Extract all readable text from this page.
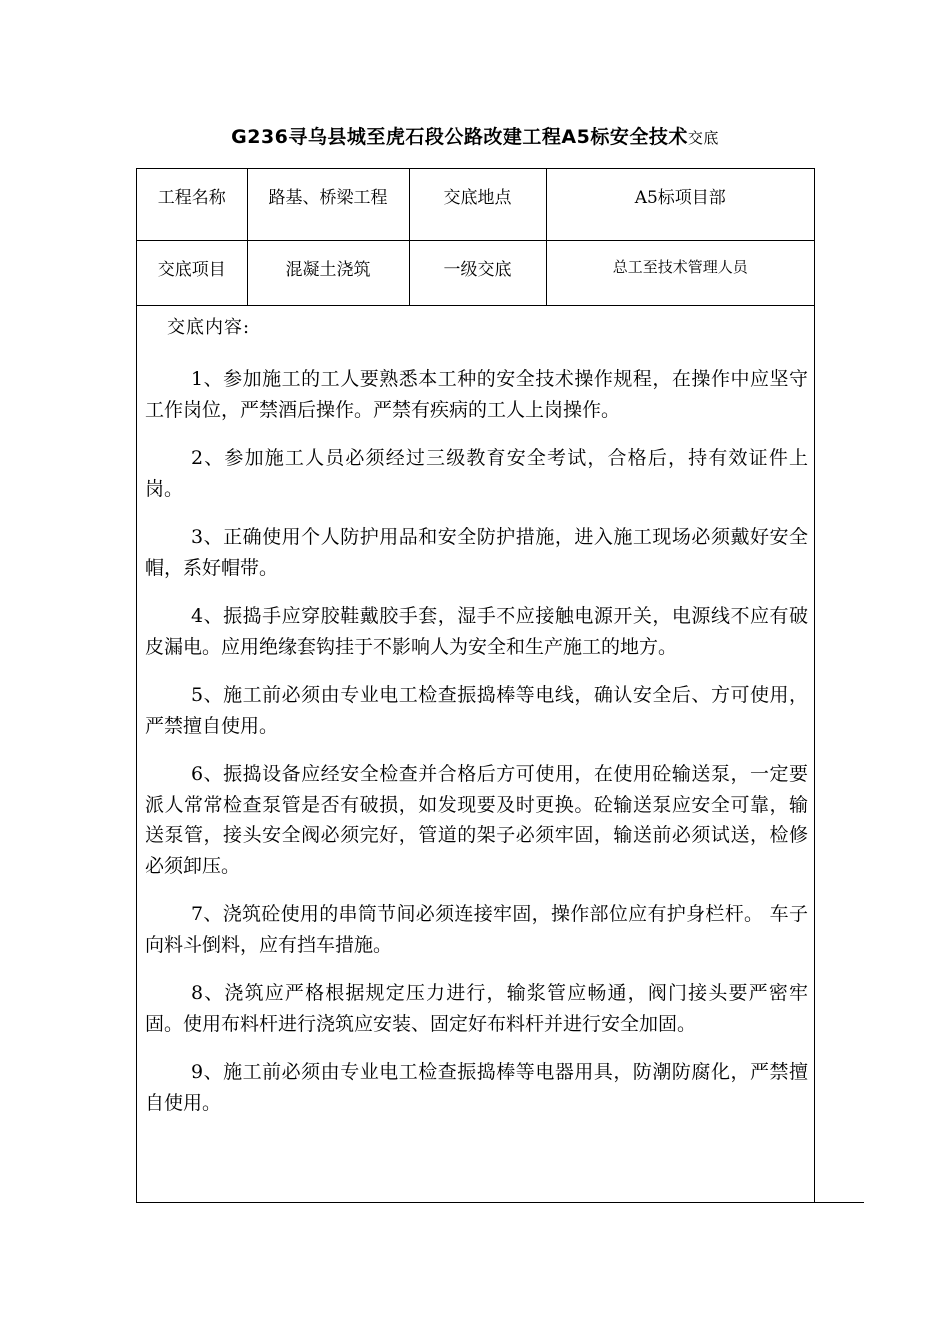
G236寻乌县城至虎石段公路改建工程A5标安全技术交底
工程名称	路基、桥梁工程	交底地点	A5标项目部
交底项目	混凝土浇筑	一级交底	总工至技术管理人员
交底内容:

1、参加施工的工人要熟悉本工种的安全技术操作规程，在操作中应坚守工作岗位，严禁酒后操作。严禁有疾病的工人上岗操作。

2、参加施工人员必须经过三级教育安全考试，合格后，持有效证件上岗。

3、正确使用个人防护用品和安全防护措施，进入施工现场必须戴好安全帽，系好帽带。

4、振捣手应穿胶鞋戴胶手套，湿手不应接触电源开关，电源线不应有破皮漏电。应用绝缘套钩挂于不影响人为安全和生产施工的地方。

5、施工前必须由专业电工检查振捣棒等电线，确认安全后、方可使用，严禁擅自使用。

6、振捣设备应经安全检查并合格后方可使用，在使用砼输送泵，一定要派人常常检查泵管是否有破损，如发现要及时更换。砼输送泵应安全可靠，输送泵管，接头安全阀必须完好，管道的架子必须牢固，输送前必须试送，检修必须卸压。

7、浇筑砼使用的串筒节间必须连接牢固，操作部位应有护身栏杆。 车子向料斗倒料，应有挡车措施。

8、浇筑应严格根据规定压力进行，输浆管应畅通，阀门接头要严密牢固。使用布料杆进行浇筑应安装、固定好布料杆并进行安全加固。

9、施工前必须由专业电工检查振捣棒等电器用具，防潮防腐化，严禁擅自使用。
